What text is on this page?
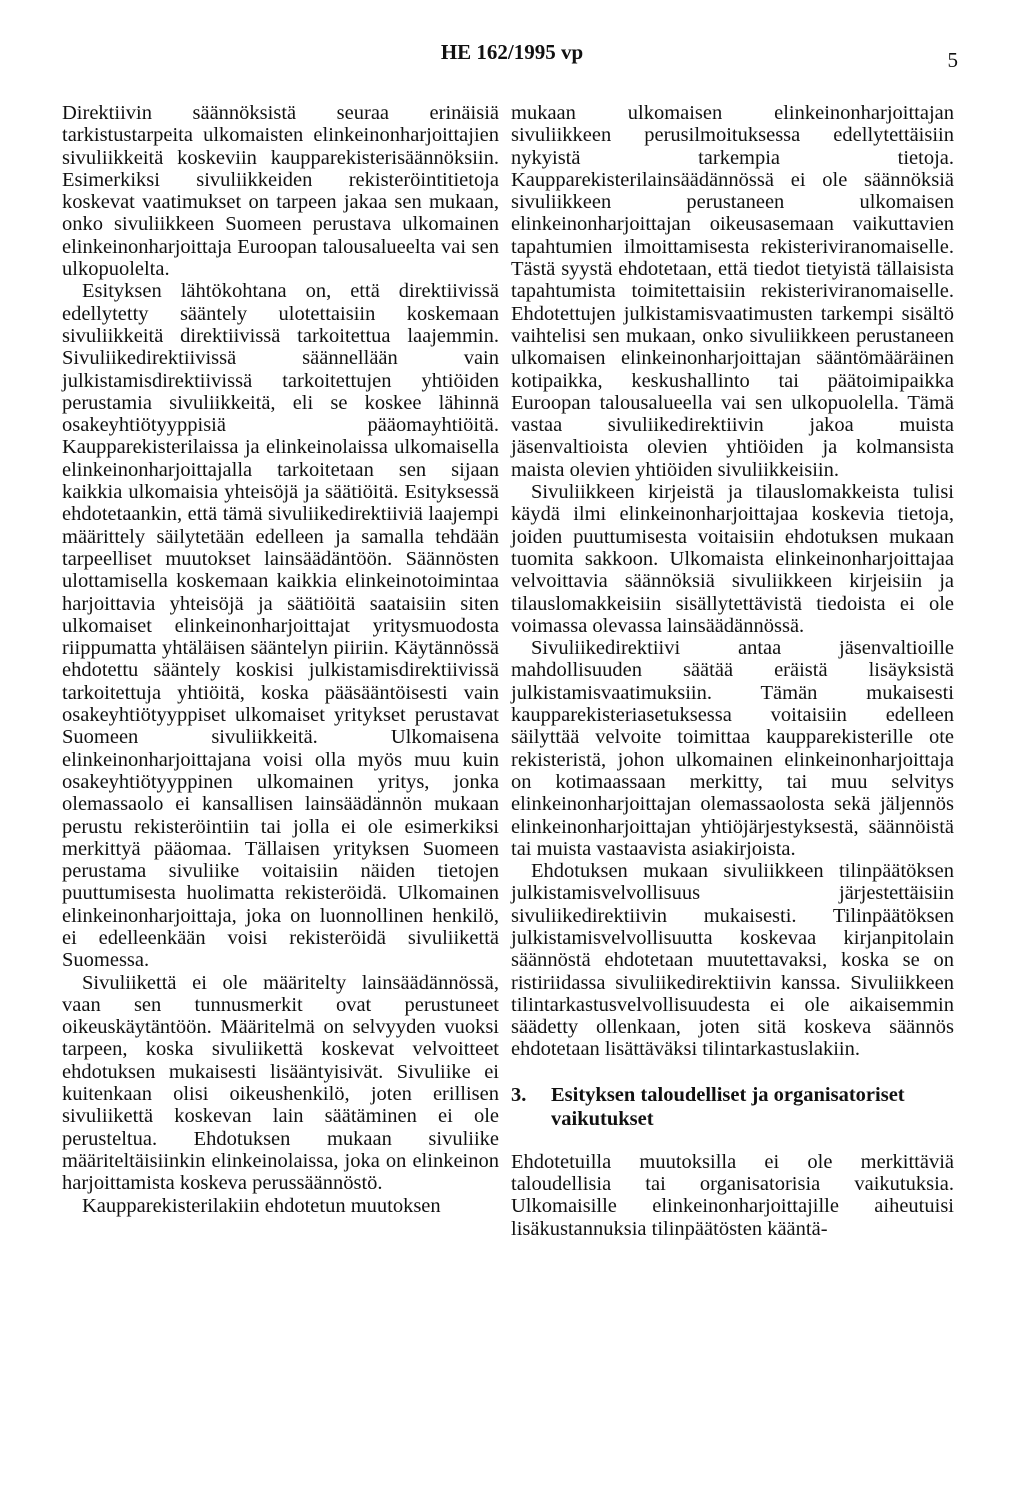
HE 162/1995 vp	5

Direktiivin säännöksistä seuraa erinäisiä tarkistustarpeita ulkomaisten elinkeinonharjoittajien sivuliikkeitä koskeviin kaupparekisterisäännöksiin. Esimerkiksi sivuliikkeiden rekisteröintitietoja koskevat vaatimukset on tarpeen jakaa sen mukaan, onko sivuliikkeen Suomeen perustava ulkomainen elinkeinonharjoittaja Euroopan talousalueelta vai sen ulkopuolelta.

Esityksen lähtökohtana on, että direktiivissä edellytetty sääntely ulotettaisiin koskemaan sivuliikkeitä direktiivissä tarkoitettua laajemmin. Sivuliikedirektiivissä säännellään vain julkistamisdirektiivissä tarkoitettujen yhtiöiden perustamia sivuliikkeitä, eli se koskee lähinnä osakeyhtiötyyppisiä pääomayhtiöitä. Kaupparekisterilaissa ja elinkeinolaissa ulkomaisella elinkeinonharjoittajalla tarkoitetaan sen sijaan kaikkia ulkomaisia yhteisöjä ja säätiöitä. Esityksessä ehdotetaankin, että tämä sivuliikedirektiiviä laajempi määrittely säilytetään edelleen ja samalla tehdään tarpeelliset muutokset lainsäädäntöön. Säännösten ulottamisella koskemaan kaikkia elinkeinotoimintaa harjoittavia yhteisöjä ja säätiöitä saataisiin siten ulkomaiset elinkeinonharjoittajat yritysmuodosta riippumatta yhtäläisen sääntelyn piiriin. Käytännössä ehdotettu sääntely koskisi julkistamisdirektiivissä tarkoitettuja yhtiöitä, koska pääsääntöisesti vain osakeyhtiötyyppiset ulkomaiset yritykset perustavat Suomeen sivuliikkeitä. Ulkomaisena elinkeinonharjoittajana voisi olla myös muu kuin osakeyhtiötyyppinen ulkomainen yritys, jonka olemassaolo ei kansallisen lainsäädännön mukaan perustu rekisteröintiin tai jolla ei ole esimerkiksi merkittyä pääomaa. Tällaisen yrityksen Suomeen perustama sivuliike voitaisiin näiden tietojen puuttumisesta huolimatta rekisteröidä. Ulkomainen elinkeinonharjoittaja, joka on luonnollinen henkilö, ei edelleenkään voisi rekisteröidä sivuliikettä Suomessa.

Sivuliikettä ei ole määritelty lainsäädännössä, vaan sen tunnusmerkit ovat perustuneet oikeuskäytäntöön. Määritelmä on selvyyden vuoksi tarpeen, koska sivuliikettä koskevat velvoitteet ehdotuksen mukaisesti lisääntyisivät. Sivuliike ei kuitenkaan olisi oikeushenkilö, joten erillisen sivuliikettä koskevan lain säätäminen ei ole perusteltua. Ehdotuksen mukaan sivuliike määriteltäisiinkin elinkeinolaissa, joka on elinkeinon harjoittamista koskeva perussäännöstö.

Kaupparekisterilakiin ehdotetun muutoksen

mukaan ulkomaisen elinkeinonharjoittajan sivuliikkeen perusilmoituksessa edellytettäisiin nykyistä tarkempia tietoja. Kaupparekisterilainsäädännössä ei ole säännöksiä sivuliikkeen perustaneen ulkomaisen elinkeinonharjoittajan oikeusasemaan vaikuttavien tapahtumien ilmoittamisesta rekisteriviranomaiselle. Tästä syystä ehdotetaan, että tiedot tietyistä tällaisista tapahtumista toimitettaisiin rekisteriviranomaiselle. Ehdotettujen julkistamisvaatimusten tarkempi sisältö vaihtelisi sen mukaan, onko sivuliikkeen perustaneen ulkomaisen elinkeinonharjoittajan sääntömääräinen kotipaikka, keskushallinto tai päätoimipaikka Euroopan talousalueella vai sen ulkopuolella. Tämä vastaa sivuliikedirektiivin jakoa muista jäsenvaltioista olevien yhtiöiden ja kolmansista maista olevien yhtiöiden sivuliikkeisiin.

Sivuliikkeen kirjeistä ja tilauslomakkeista tulisi käydä ilmi elinkeinonharjoittajaa koskevia tietoja, joiden puuttumisesta voitaisiin ehdotuksen mukaan tuomita sakkoon. Ulkomaista elinkeinonharjoittajaa velvoittavia säännöksiä sivuliikkeen kirjeisiin ja tilauslomakkeisiin sisällytettävistä tiedoista ei ole voimassa olevassa lainsäädännössä.

Sivuliikedirektiivi antaa jäsenvaltioille mahdollisuuden säätää eräistä lisäyksistä julkistamisvaatimuksiin. Tämän mukaisesti kaupparekisteriasetuksessa voitaisiin edelleen säilyttää velvoite toimittaa kaupparekisterille ote rekisteristä, johon ulkomainen elinkeinonharjoittaja on kotimaassaan merkitty, tai muu selvitys elinkeinonharjoittajan olemassaolosta sekä jäljennös elinkeinonharjoittajan yhtiöjärjestyksestä, säännöistä tai muista vastaavista asiakirjoista.

Ehdotuksen mukaan sivuliikkeen tilinpäätöksen julkistamisvelvollisuus järjestettäisiin sivuliikedirektiivin mukaisesti. Tilinpäätöksen julkistamisvelvollisuutta koskevaa kirjanpitolain säännöstä ehdotetaan muutettavaksi, koska se on ristiriidassa sivuliikedirektiivin kanssa. Sivuliikkeen tilintarkastusvelvollisuudesta ei ole aikaisemmin säädetty ollenkaan, joten sitä koskeva säännös ehdotetaan lisättäväksi tilintarkastuslakiin.

3.	Esityksen taloudelliset ja organisatoriset vaikutukset

Ehdotetuilla muutoksilla ei ole merkittäviä taloudellisia tai organisatorisia vaikutuksia. Ulkomaisille elinkeinonharjoittajille aiheutuisi lisäkustannuksia tilinpäätösten kääntä-
